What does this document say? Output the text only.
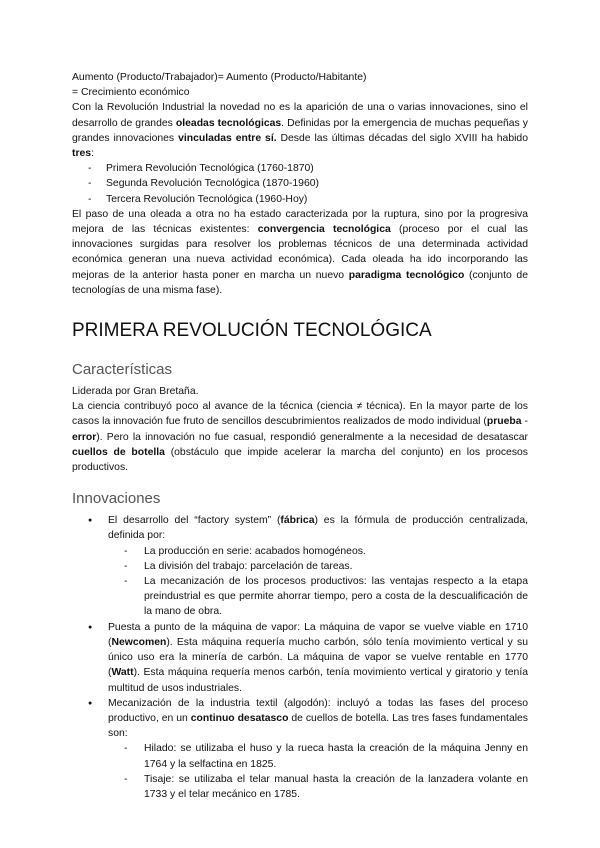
Aumento (Producto/Trabajador)= Aumento (Producto/Habitante)

= Crecimiento económico

Con la Revolución Industrial la novedad no es la aparición de una o varias innovaciones, sino el desarrollo de grandes oleadas tecnológicas. Definidas por la emergencia de muchas pequeñas y grandes innovaciones vinculadas entre sí. Desde las últimas décadas del siglo XVIII ha habido tres:

- Primera Revolución Tecnológica (1760-1870)
- Segunda Revolución Tecnológica (1870-1960)
- Tercera Revolución Tecnológica (1960-Hoy)

El paso de una oleada a otra no ha estado caracterizada por la ruptura, sino por la progresiva mejora de las técnicas existentes: convergencia tecnológica (proceso por el cual las innovaciones surgidas para resolver los problemas técnicos de una determinada actividad económica generan una nueva actividad económica). Cada oleada ha ido incorporando las mejoras de la anterior hasta poner en marcha un nuevo paradigma tecnológico (conjunto de tecnologías de una misma fase).

PRIMERA REVOLUCIÓN TECNOLÓGICA
Características

Liderada por Gran Bretaña.

La ciencia contribuyó poco al avance de la técnica (ciencia ≠ técnica). En la mayor parte de los casos la innovación fue fruto de sencillos descubrimientos realizados de modo individual (prueba - error). Pero la innovación no fue casual, respondió generalmente a la necesidad de desatascar cuellos de botella (obstáculo que impide acelerar la marcha del conjunto) en los procesos productivos.

Innovaciones
● El desarrollo del “factory system” (fábrica) es la fórmula de producción centralizada, definida por:
- La producción en serie: acabados homogéneos.
- La división del trabajo: parcelación de tareas.
- La mecanización de los procesos productivos: las ventajas respecto a la etapa preindustrial es que permite ahorrar tiempo, pero a costa de la descualificación de la mano de obra.
● Puesta a punto de la máquina de vapor: La máquina de vapor se vuelve viable en 1710 (Newcomen). Esta máquina requería mucho carbón, sólo tenía movimiento vertical y su único uso era la minería de carbón. La máquina de vapor se vuelve rentable en 1770 (Watt). Esta máquina requería menos carbón, tenía movimiento vertical y giratorio y tenía multitud de usos industriales.
● Mecanización de la industria textil (algodón): incluyó a todas las fases del proceso productivo, en un continuo desatasco de cuellos de botella. Las tres fases fundamentales son:
- Hilado: se utilizaba el huso y la rueca hasta la creación de la máquina Jenny en 1764 y la selfactina en 1825.
- Tisaje: se utilizaba el telar manual hasta la creación de la lanzadera volante en 1733 y el telar mecánico en 1785.
